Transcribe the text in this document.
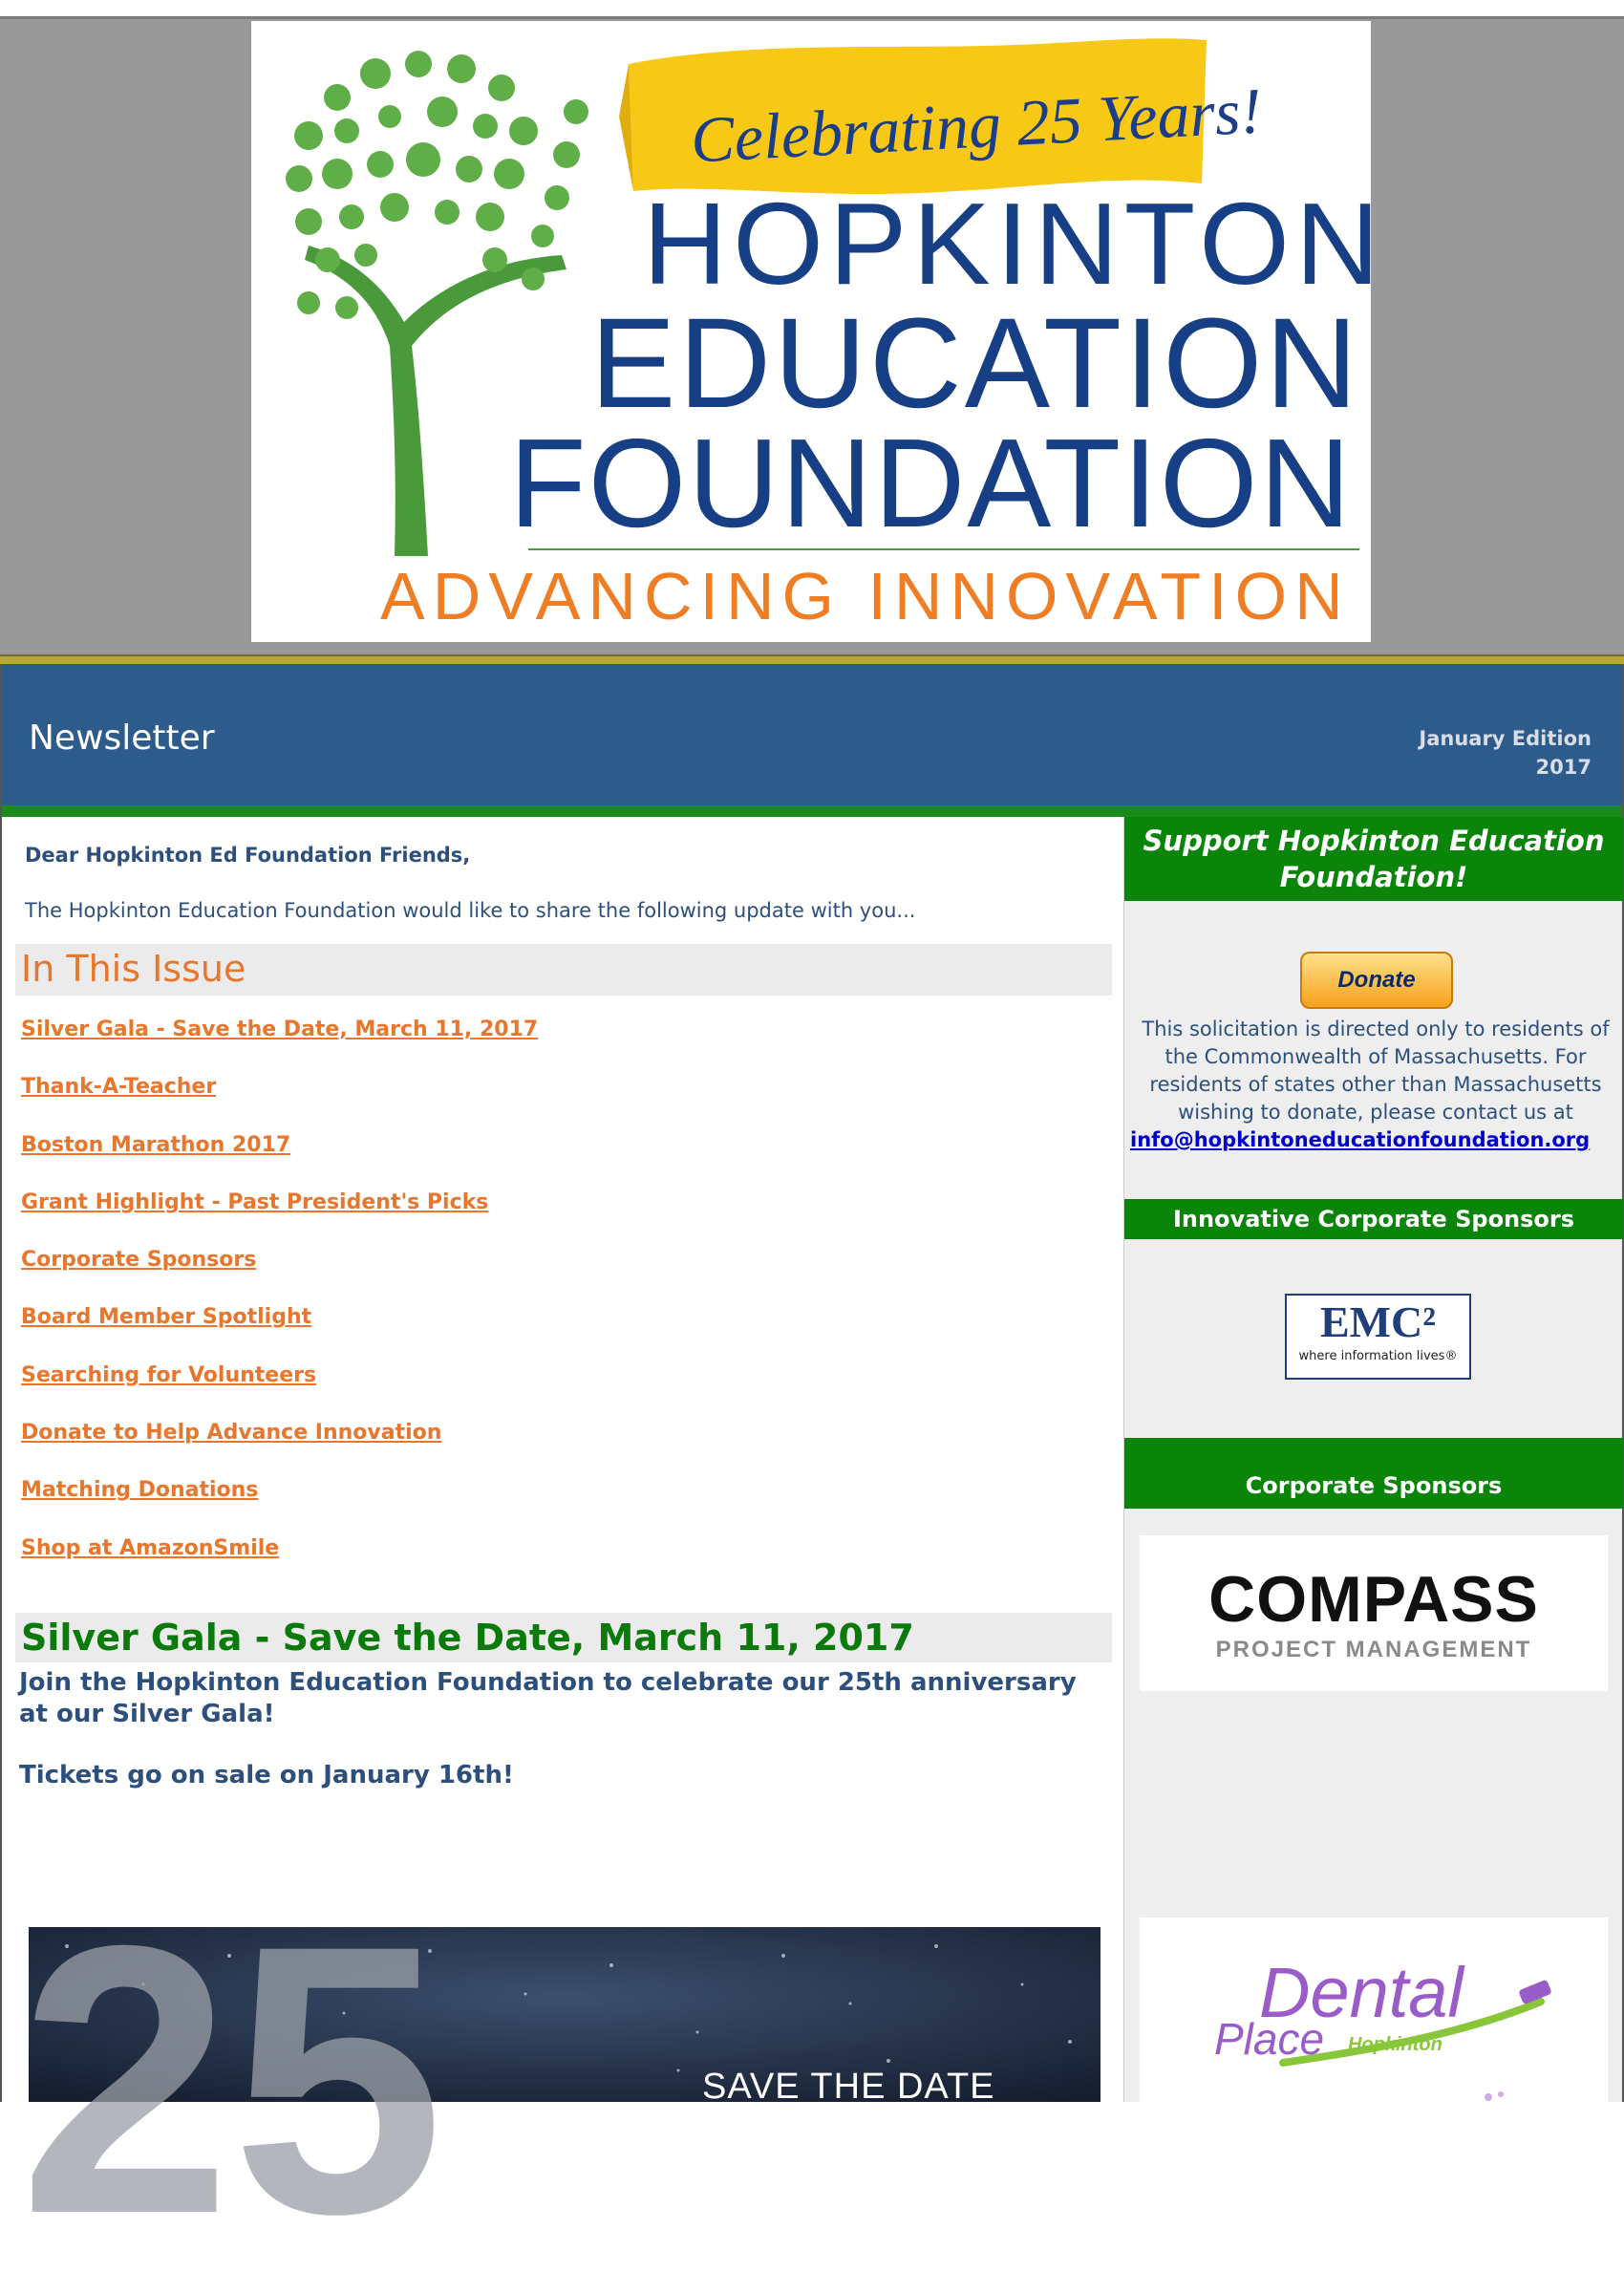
Celebrating 25 Years!
HOPKINTON
EDUCATION
FOUNDATION
ADVANCING INNOVATION
Newsletter	January Edition
2017
Dear Hopkinton Ed Foundation Friends,
The Hopkinton Education Foundation would like to share the following update with you...
In This Issue
Silver Gala - Save the Date, March 11, 2017
Thank-A-Teacher
Boston Marathon 2017
Grant Highlight - Past President's Picks
Corporate Sponsors
Board Member Spotlight
Searching for Volunteers
Donate to Help Advance Innovation
Matching Donations
Shop at AmazonSmile
Silver Gala - Save the Date, March 11, 2017
Join the Hopkinton Education Foundation to celebrate our 25th anniversary at our Silver Gala!
Tickets go on sale on January 16th!
25	SAVE THE DATE
Support Hopkinton Education Foundation!
Donate
This solicitation is directed only to residents of the Commonwealth of Massachusetts. For residents of states other than Massachusetts wishing to donate, please contact us at
info@hopkintoneducationfoundation.org
Innovative Corporate Sponsors
EMC²
where information lives®
Corporate Sponsors
COMPASS
PROJECT MANAGEMENT
Dental
Place Hopkinton
